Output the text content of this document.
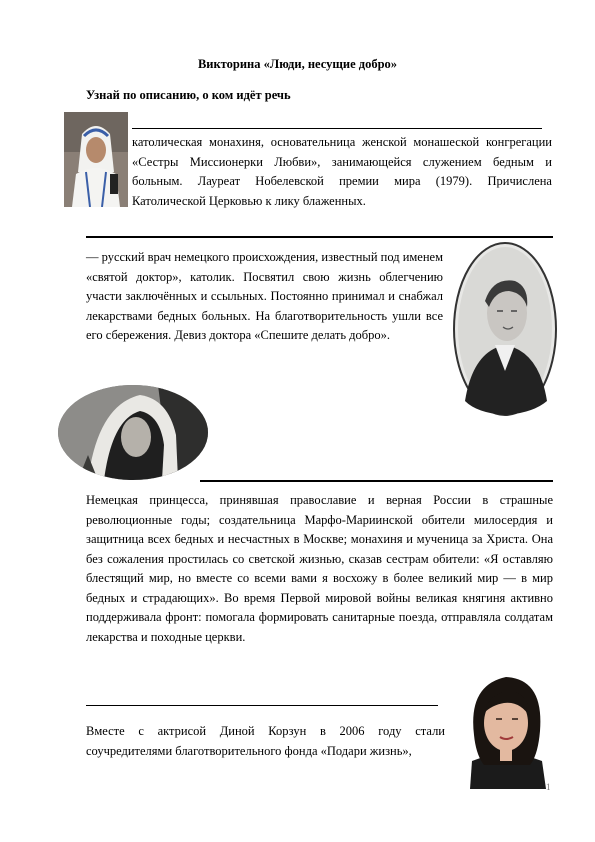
Викторина «Люди, несущие добро»
Узнай по описанию, о ком идёт речь
католическая монахиня, основательница женской монашеской конгрегации «Сестры Миссионерки Любви», занимающейся служением бедным и больным. Лауреат Нобелевской премии мира (1979). Причислена Католической Церковью к лику блаженных.
— русский врач немецкого происхождения, известный под именем «святой доктор», католик. Посвятил свою жизнь облегчению участи заключённых и ссыльных. Постоянно принимал и снабжал лекарствами бедных больных. На благотворительность ушли все его сбережения. Девиз доктора «Спешите делать добро».
Немецкая принцесса, принявшая православие и верная России в страшные революционные годы; создательница Марфо-Мариинской обители милосердия и защитница всех бедных и несчастных в Москве; монахиня и мученица за Христа. Она без сожаления простилась со светской жизнью, сказав сестрам обители: «Я оставляю блестящий мир, но вместе со всеми вами я восхожу в более великий мир — в мир бедных и страдающих». Во время Первой мировой войны великая княгиня активно поддерживала фронт: помогала формировать санитарные поезда, отправляла солдатам лекарства и походные церкви.
Вместе с актрисой Диной Корзун в 2006 году стали соучредителями благотворительного фонда «Подари жизнь»,
1
